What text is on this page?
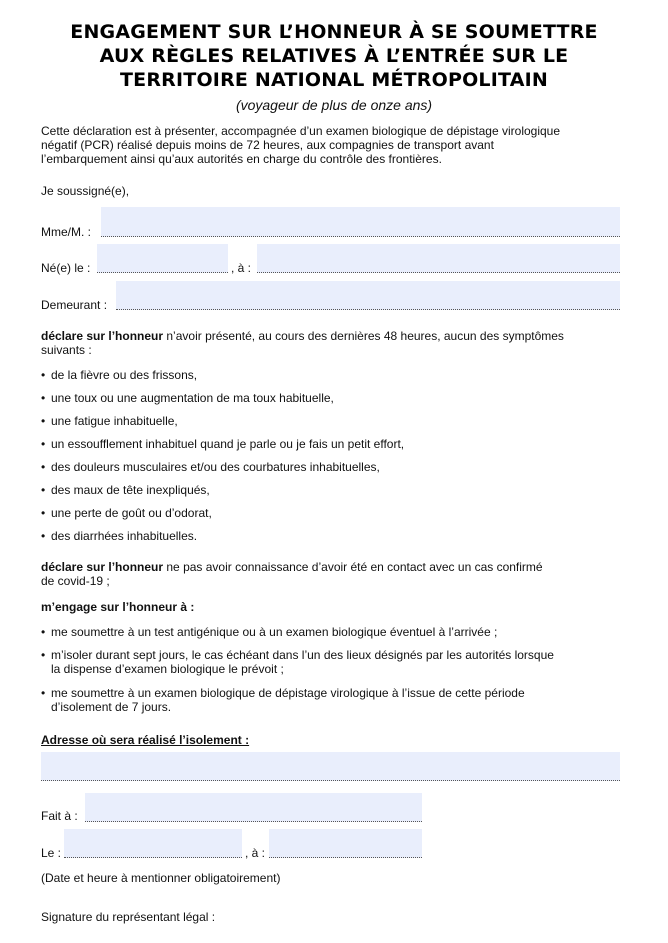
ENGAGEMENT SUR L’HONNEUR À SE SOUMETTRE
AUX RÈGLES RELATIVES À L’ENTRÉE SUR LE
TERRITOIRE NATIONAL MÉTROPOLITAIN
(voyageur de plus de onze ans)
Cette déclaration est à présenter, accompagnée d’un examen biologique de dépistage virologique
négatif (PCR) réalisé depuis moins de 72 heures, aux compagnies de transport avant
l’embarquement ainsi qu’aux autorités en charge du contrôle des frontières.
Je soussigné(e),
Mme/M. :
Né(e) le :	, à :
Demeurant :
déclare sur l’honneur n’avoir présenté, au cours des dernières 48 heures, aucun des symptômes
suivants :
• de la fièvre ou des frissons,
• une toux ou une augmentation de ma toux habituelle,
• une fatigue inhabituelle,
• un essoufflement inhabituel quand je parle ou je fais un petit effort,
• des douleurs musculaires et/ou des courbatures inhabituelles,
• des maux de tête inexpliqués,
• une perte de goût ou d’odorat,
• des diarrhées inhabituelles.
déclare sur l’honneur ne pas avoir connaissance d’avoir été en contact avec un cas confirmé
de covid-19 ;
m’engage sur l’honneur à :
• me soumettre à un test antigénique ou à un examen biologique éventuel à l’arrivée ;
• m’isoler durant sept jours, le cas échéant dans l’un des lieux désignés par les autorités lorsque
la dispense d’examen biologique le prévoit ;
• me soumettre à un examen biologique de dépistage virologique à l’issue de cette période
d’isolement de 7 jours.
Adresse où sera réalisé l’isolement :
Fait à :
Le :	, à :
(Date et heure à mentionner obligatoirement)
Signature du représentant légal :
